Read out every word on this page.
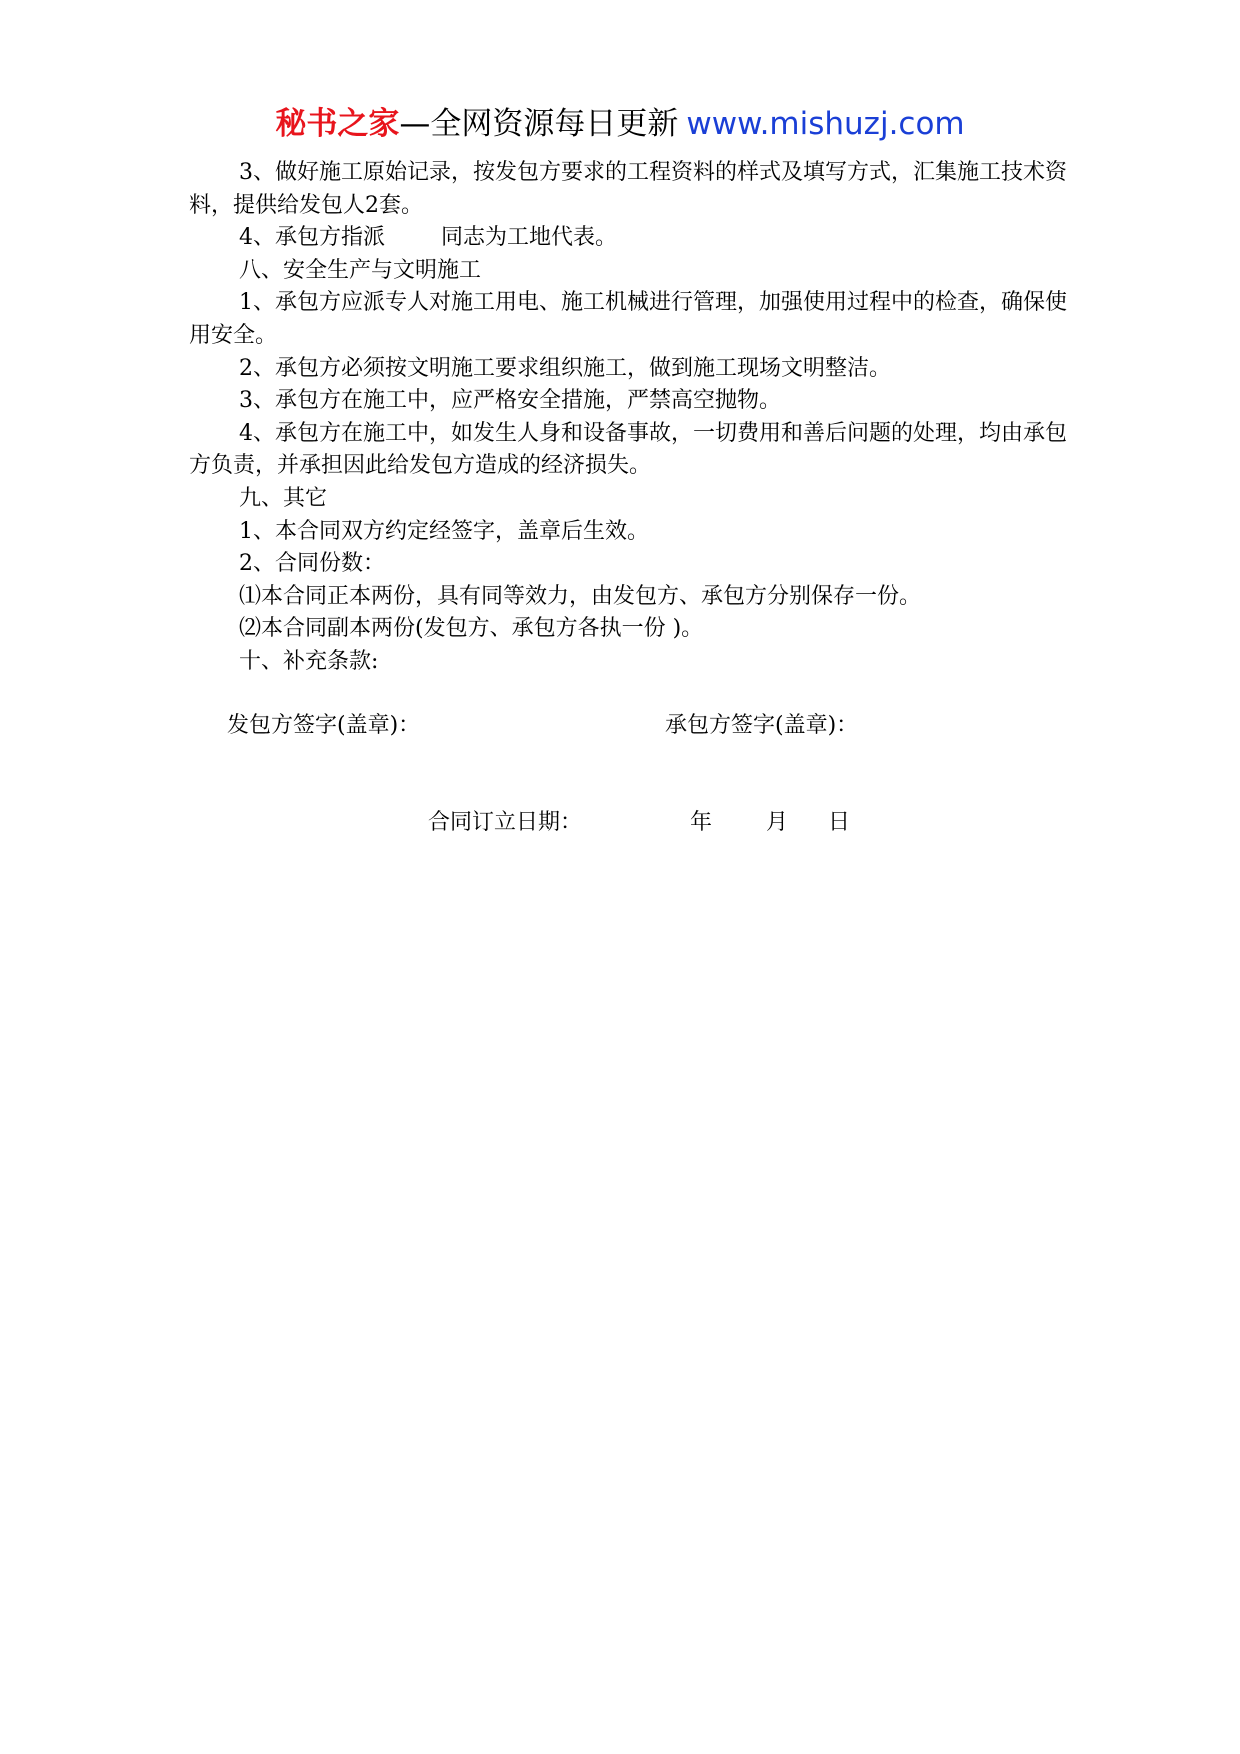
秘书之家—全网资源每日更新 www.mishuzj.com

3、做好施工原始记录，按发包方要求的工程资料的样式及填写方式，汇集施工技术资料，提供给发包人2套。

4、承包方指派	同志为工地代表。

八、安全生产与文明施工

1、承包方应派专人对施工用电、施工机械进行管理，加强使用过程中的检查，确保使用安全。

2、承包方必须按文明施工要求组织施工，做到施工现场文明整洁。

3、承包方在施工中，应严格安全措施，严禁高空抛物。

4、承包方在施工中，如发生人身和设备事故，一切费用和善后问题的处理，均由承包方负责，并承担因此给发包方造成的经济损失。

九、其它

1、本合同双方约定经签字，盖章后生效。

2、合同份数：

⑴本合同正本两份，具有同等效力，由发包方、承包方分别保存一份。

⑵本合同副本两份(发包方、承包方各执一份 )。

十、补充条款:

发包方签字(盖章)：	承包方签字(盖章)：
合同订立日期：	年 月 日
